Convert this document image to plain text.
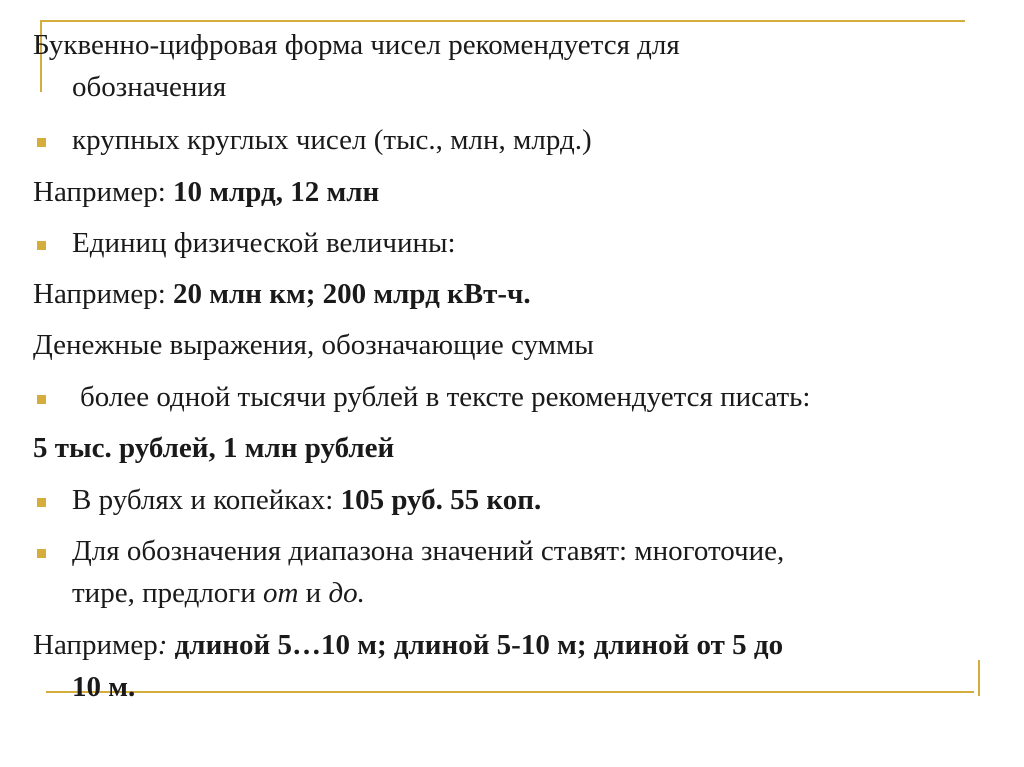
Буквенно-цифровая форма чисел рекомендуется для
обозначения
крупных круглых чисел (тыс., млн, млрд.)
Например: 10 млрд, 12 млн
Единиц физической величины:
Например: 20 млн км; 200 млрд кВт-ч.
Денежные выражения, обозначающие суммы
более одной тысячи рублей в тексте рекомендуется писать:
5 тыс. рублей, 1 млн рублей
В рублях и копейках: 105 руб. 55 коп.
Для обозначения диапазона значений ставят: многоточие,
тире, предлоги от и до.
Например: длиной 5…10 м; длиной 5-10 м; длиной от 5 до
10 м.
